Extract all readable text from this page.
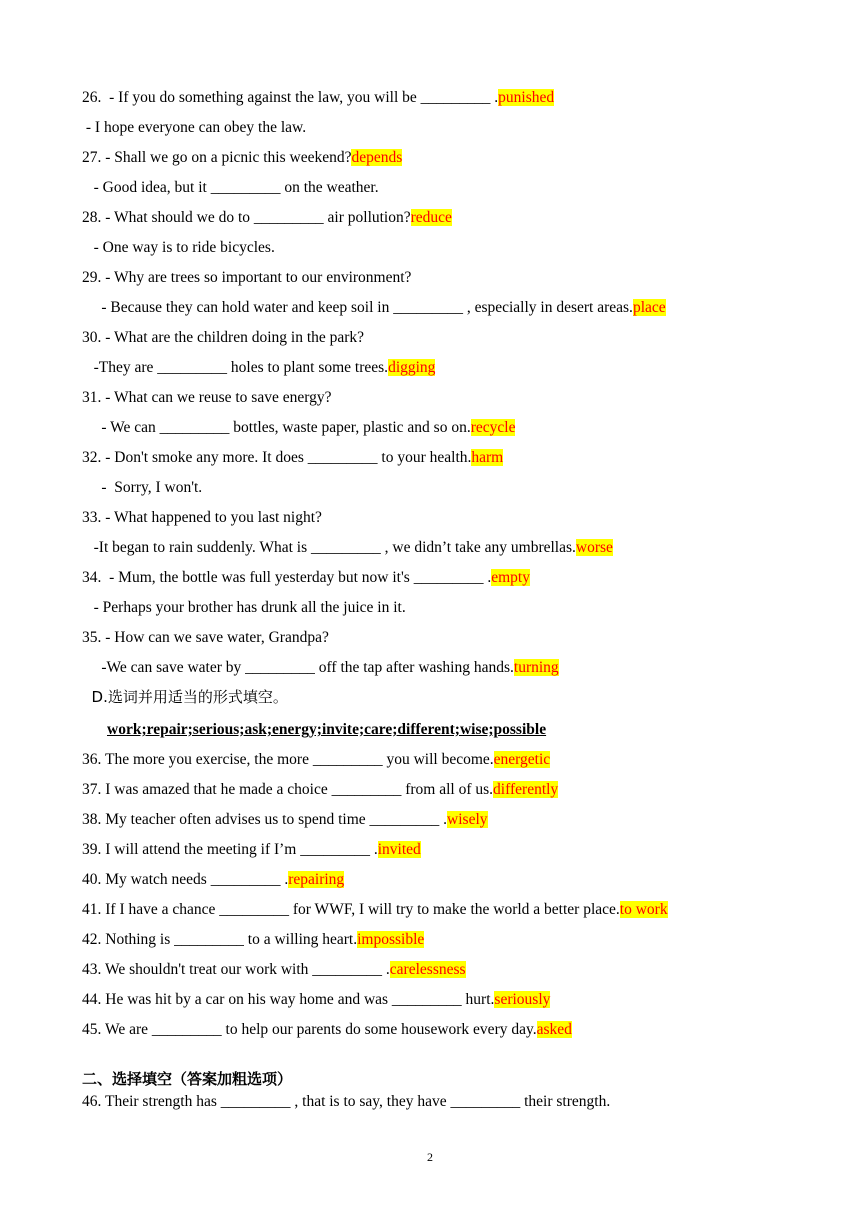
26.  - If you do something against the law, you will be _________ .punished
- I hope everyone can obey the law.
27. - Shall we go on a picnic this weekend?depends
- Good idea, but it _________ on the weather.
28. - What should we do to _________ air pollution?reduce
- One way is to ride bicycles.
29. - Why are trees so important to our environment?
- Because they can hold water and keep soil in _________ , especially in desert areas.place
30. - What are the children doing in the park?
-They are _________ holes to plant some trees.digging
31. - What can we reuse to save energy?
- We can _________ bottles, waste paper, plastic and so on.recycle
32. - Don't smoke any more. It does _________ to your health.harm
-  Sorry, I won't.
33. - What happened to you last night?
-It began to rain suddenly. What is _________ , we didn’t take any umbrellas.worse
34.  - Mum, the bottle was full yesterday but now it's _________ .empty
- Perhaps your brother has drunk all the juice in it.
35. - How can we save water, Grandpa?
-We can save water by _________ off the tap after washing hands.turning
D.选词并用适当的形式填空。
work;repair;serious;ask;energy;invite;care;different;wise;possible
36. The more you exercise, the more _________ you will become.energetic
37. I was amazed that he made a choice _________ from all of us.differently
38. My teacher often advises us to spend time _________ .wisely
39. I will attend the meeting if I’m _________ .invited
40. My watch needs _________ .repairing
41. If I have a chance _________ for WWF, I will try to make the world a better place.to work
42. Nothing is _________ to a willing heart.impossible
43. We shouldn't treat our work with _________ .carelessness
44. He was hit by a car on his way home and was _________ hurt.seriously
45. We are _________ to help our parents do some housework every day.asked
二、选择填空（答案加粗选项）
46. Their strength has _________ , that is to say, they have _________ their strength.
2
